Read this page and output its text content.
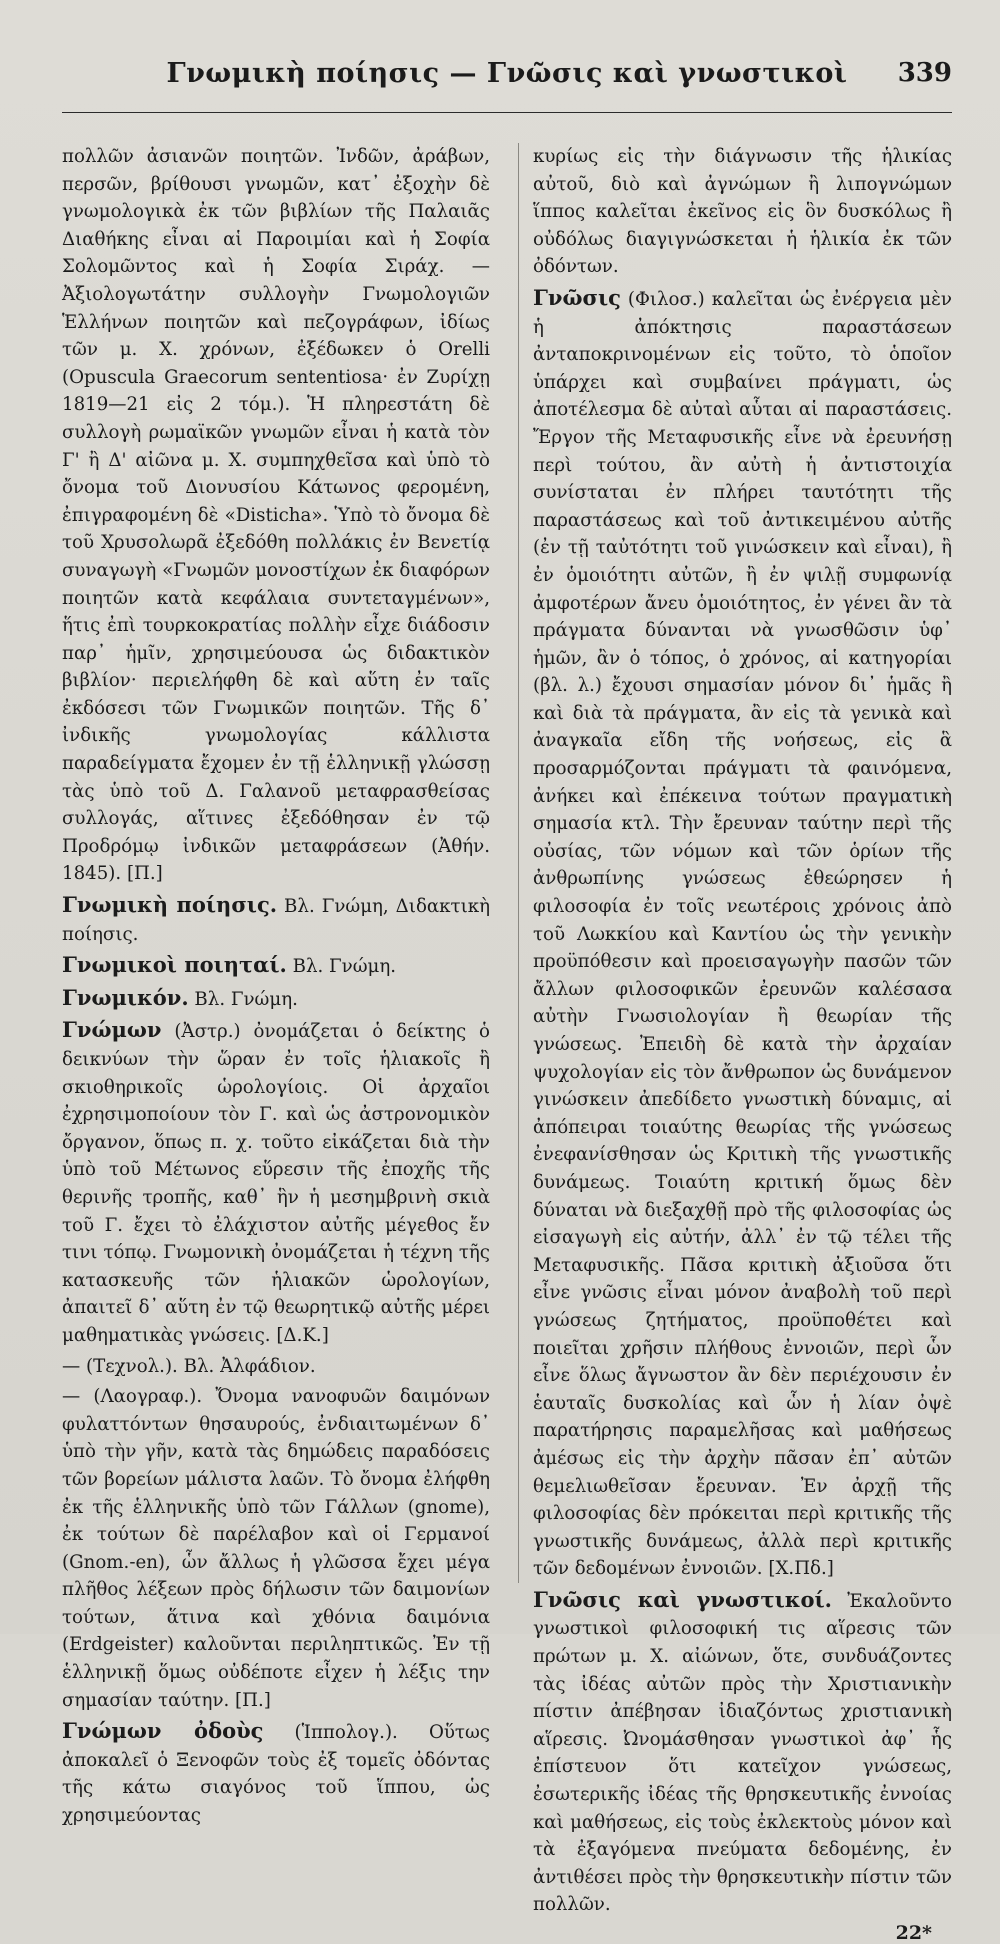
Γνωμικὴ ποίησις — Γνῶσις καὶ γνωστικοὶ	339

πολλῶν ἀσιανῶν ποιητῶν. Ἰνδῶν, ἀράβων, περσῶν, βρίθουσι γνωμῶν, κατ᾽ ἐξοχὴν δὲ γνωμολογικὰ ἐκ τῶν βιβλίων τῆς Παλαιᾶς Διαθήκης εἶναι αἱ Παροιμίαι καὶ ἡ Σοφία Σολομῶντος καὶ ἡ Σοφία Σιράχ. — Ἀξιολογωτάτην συλλογὴν Γνωμολογιῶν Ἑλλήνων ποιητῶν καὶ πεζογράφων, ἰδίως τῶν μ. Χ. χρόνων, ἐξέδωκεν ὁ Orelli (Opuscula Graecorum sententiosa· ἐν Ζυρίχῃ 1819—21 εἰς 2 τόμ.). Ἡ πληρεστάτη δὲ συλλογὴ ρωμαϊκῶν γνωμῶν εἶναι ἡ κατὰ τὸν Γ' ἢ Δ' αἰῶνα μ. Χ. συμπηχθεῖσα καὶ ὑπὸ τὸ ὄνομα τοῦ Διονυσίου Κάτωνος φερομένη, ἐπιγραφομένη δὲ «Disticha». Ὑπὸ τὸ ὄνομα δὲ τοῦ Χρυσολωρᾶ ἐξεδόθη πολλάκις ἐν Βενετίᾳ συναγωγὴ «Γνωμῶν μονοστίχων ἐκ διαφόρων ποιητῶν κατὰ κεφάλαια συντεταγμένων», ἥτις ἐπὶ τουρκοκρατίας πολλὴν εἶχε διάδοσιν παρ᾽ ἡμῖν, χρησιμεύουσα ὡς διδακτικὸν βιβλίον· περιελήφθη δὲ καὶ αὕτη ἐν ταῖς ἐκδόσεσι τῶν Γνωμικῶν ποιητῶν. Τῆς δ᾽ ἰνδικῆς γνωμολογίας κάλλιστα παραδείγματα ἔχομεν ἐν τῇ ἑλληνικῇ γλώσσῃ τὰς ὑπὸ τοῦ Δ. Γαλανοῦ μεταφρασθείσας συλλογάς, αἵτινες ἐξεδόθησαν ἐν τῷ Προδρόμῳ ἰνδικῶν μεταφράσεων (Ἀθήν. 1845). [Π.]

Γνωμικὴ ποίησις. Βλ. Γνώμη, Διδακτικὴ ποίησις.

Γνωμικοὶ ποιηταί. Βλ. Γνώμη.

Γνωμικόν. Βλ. Γνώμη.

Γνώμων (Ἀστρ.) ὀνομάζεται ὁ δείκτης ὁ δεικνύων τὴν ὥραν ἐν τοῖς ἡλιακοῖς ἢ σκιοθηρικοῖς ὡρολογίοις. Οἱ ἀρχαῖοι ἐχρησιμοποίουν τὸν Γ. καὶ ὡς ἀστρονομικὸν ὄργανον, ὅπως π. χ. τοῦτο εἰκάζεται διὰ τὴν ὑπὸ τοῦ Μέτωνος εὕρεσιν τῆς ἐποχῆς τῆς θερινῆς τροπῆς, καθ᾽ ἣν ἡ μεσημβρινὴ σκιὰ τοῦ Γ. ἔχει τὸ ἐλάχιστον αὐτῆς μέγεθος ἔν τινι τόπῳ. Γνωμονικὴ ὀνομάζεται ἡ τέχνη τῆς κατασκευῆς τῶν ἡλιακῶν ὡρολογίων, ἀπαιτεῖ δ᾽ αὕτη ἐν τῷ θεωρητικῷ αὐτῆς μέρει μαθηματικὰς γνώσεις. [Δ.Κ.]

— (Τεχνολ.). Βλ. Ἀλφάδιον.

— (Λαογραφ.). Ὄνομα νανοφυῶν δαιμόνων φυλαττόντων θησαυρούς, ἐνδιαιτωμένων δ᾽ ὑπὸ τὴν γῆν, κατὰ τὰς δημώδεις παραδόσεις τῶν βορείων μάλιστα λαῶν. Τὸ ὄνομα ἐλήφθη ἐκ τῆς ἑλληνικῆς ὑπὸ τῶν Γάλλων (gnome), ἐκ τούτων δὲ παρέλαβον καὶ οἱ Γερμανοί (Gnom.-en), ὧν ἄλλως ἡ γλῶσσα ἔχει μέγα πλῆθος λέξεων πρὸς δήλωσιν τῶν δαιμονίων τούτων, ἅτινα καὶ χθόνια δαιμόνια (Erdgeister) καλοῦνται περιληπτικῶς. Ἐν τῇ ἑλληνικῇ ὅμως οὐδέποτε εἶχεν ἡ λέξις την σημασίαν ταύτην. [Π.]

Γνώμων ὀδοὺς (Ἱππολογ.). Οὕτως ἀποκαλεῖ ὁ Ξενοφῶν τοὺς ἐξ τομεῖς ὀδόντας τῆς κάτω σιαγόνος τοῦ ἵππου, ὡς χρησιμεύοντας

κυρίως εἰς τὴν διάγνωσιν τῆς ἡλικίας αὐτοῦ, διὸ καὶ ἀγνώμων ἢ λιπογνώμων ἵππος καλεῖται ἐκεῖνος εἰς ὃν δυσκόλως ἢ οὐδόλως διαγιγνώσκεται ἡ ἡλικία ἐκ τῶν ὀδόντων.

Γνῶσις (Φιλοσ.) καλεῖται ὡς ἐνέργεια μὲν ἡ ἀπόκτησις παραστάσεων ἀνταποκρινομένων εἰς τοῦτο, τὸ ὁποῖον ὑπάρχει καὶ συμβαίνει πράγματι, ὡς ἀποτέλεσμα δὲ αὐταὶ αὗται αἱ παραστάσεις. Ἔργον τῆς Μεταφυσικῆς εἶνε νὰ ἐρευνήσῃ περὶ τούτου, ἂν αὐτὴ ἡ ἀντιστοιχία συνίσταται ἐν πλήρει ταυτότητι τῆς παραστάσεως καὶ τοῦ ἀντικειμένου αὐτῆς (ἐν τῇ ταὐτότητι τοῦ γινώσκειν καὶ εἶναι), ἢ ἐν ὁμοιότητι αὐτῶν, ἢ ἐν ψιλῇ συμφωνίᾳ ἀμφοτέρων ἄνευ ὁμοιότητος, ἐν γένει ἂν τὰ πράγματα δύνανται νὰ γνωσθῶσιν ὑφ᾽ ἡμῶν, ἂν ὁ τόπος, ὁ χρόνος, αἱ κατηγορίαι (βλ. λ.) ἔχουσι σημασίαν μόνον δι᾽ ἡμᾶς ἢ καὶ διὰ τὰ πράγματα, ἂν εἰς τὰ γενικὰ καὶ ἀναγκαῖα εἴδη τῆς νοήσεως, εἰς ἃ προσαρμόζονται πράγματι τὰ φαινόμενα, ἀνήκει καὶ ἐπέκεινα τούτων πραγματικὴ σημασία κτλ. Τὴν ἔρευναν ταύτην περὶ τῆς οὐσίας, τῶν νόμων καὶ τῶν ὁρίων τῆς ἀνθρωπίνης γνώσεως ἐθεώρησεν ἡ φιλοσοφία ἐν τοῖς νεωτέροις χρόνοις ἀπὸ τοῦ Λωκκίου καὶ Καντίου ὡς τὴν γενικὴν προϋπόθεσιν καὶ προεισαγωγὴν πασῶν τῶν ἄλλων φιλοσοφικῶν ἐρευνῶν καλέσασα αὐτὴν Γνωσιολογίαν ἢ θεωρίαν τῆς γνώσεως. Ἐπειδὴ δὲ κατὰ τὴν ἀρχαίαν ψυχολογίαν εἰς τὸν ἄνθρωπον ὡς δυνάμενον γινώσκειν ἀπεδίδετο γνωστικὴ δύναμις, αἱ ἀπόπειραι τοιαύτης θεωρίας τῆς γνώσεως ἐνεφανίσθησαν ὡς Κριτικὴ τῆς γνωστικῆς δυνάμεως. Τοιαύτη κριτική ὅμως δὲν δύναται νὰ διεξαχθῇ πρὸ τῆς φιλοσοφίας ὡς εἰσαγωγὴ εἰς αὐτήν, ἀλλ᾽ ἐν τῷ τέλει τῆς Μεταφυσικῆς. Πᾶσα κριτικὴ ἀξιοῦσα ὅτι εἶνε γνῶσις εἶναι μόνον ἀναβολὴ τοῦ περὶ γνώσεως ζητήματος, προϋποθέτει καὶ ποιεῖται χρῆσιν πλήθους ἐννοιῶν, περὶ ὧν εἶνε ὅλως ἄγνωστον ἂν δὲν περιέχουσιν ἐν ἑαυταῖς δυσκολίας καὶ ὧν ἡ λίαν ὀψὲ παρατήρησις παραμελῆσας καὶ μαθήσεως ἀμέσως εἰς τὴν ἀρχὴν πᾶσαν ἐπ᾽ αὐτῶν θεμελιωθεῖσαν ἔρευναν. Ἐν ἀρχῇ τῆς φιλοσοφίας δὲν πρόκειται περὶ κριτικῆς τῆς γνωστικῆς δυνάμεως, ἀλλὰ περὶ κριτικῆς τῶν δεδομένων ἐννοιῶν. [Χ.Πδ.]

Γνῶσις καὶ γνωστικοί. Ἐκαλοῦντο γνωστικοὶ φιλοσοφική τις αἵρεσις τῶν πρώτων μ. Χ. αἰώνων, ὅτε, συνδυάζοντες τὰς ἰδέας αὐτῶν πρὸς τὴν Χριστιανικὴν πίστιν ἀπέβησαν ἰδιαζόντως χριστιανικὴ αἵρεσις. Ὠνομάσθησαν γνωστικοὶ ἀφ᾽ ἧς ἐπίστευον ὅτι κατεῖχον γνώσεως, ἐσωτερικῆς ἰδέας τῆς θρησκευτικῆς ἐννοίας καὶ μαθήσεως, εἰς τοὺς ἐκλεκτοὺς μόνον καὶ τὰ ἐξαγόμενα πνεύματα δεδομένης, ἐν ἀντιθέσει πρὸς τὴν θρησκευτικὴν πίστιν τῶν πολλῶν.

22*
